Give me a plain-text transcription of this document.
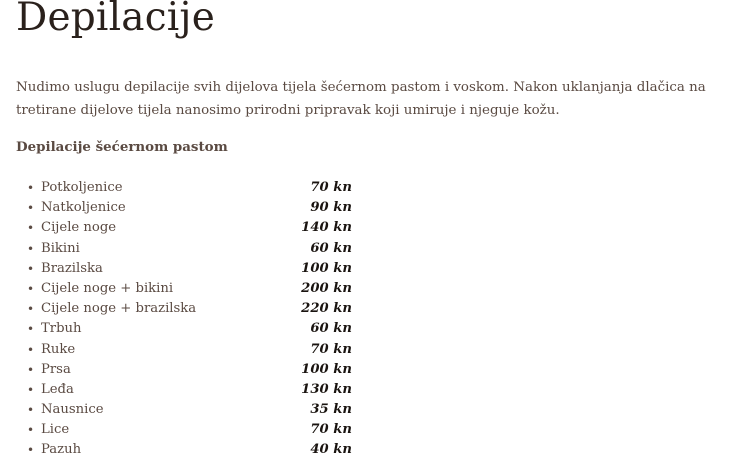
Depilacije

Nudimo uslugu depilacije svih dijelova tijela šećernom pastom i voskom. Nakon uklanjanja dlačica na tretirane dijelove tijela nanosimo prirodni pripravak koji umiruje i njeguje kožu.

Depilacije šećernom pastom

• Potkoljenice	70 kn
• Natkoljenice	90 kn
• Cijele noge	140 kn
• Bikini	60 kn
• Brazilska	100 kn
• Cijele noge + bikini	200 kn
• Cijele noge + brazilska	220 kn
• Trbuh	60 kn
• Ruke	70 kn
• Prsa	100 kn
• Leđa	130 kn
• Nausnice	35 kn
• Lice	70 kn
• Pazuh	40 kn
